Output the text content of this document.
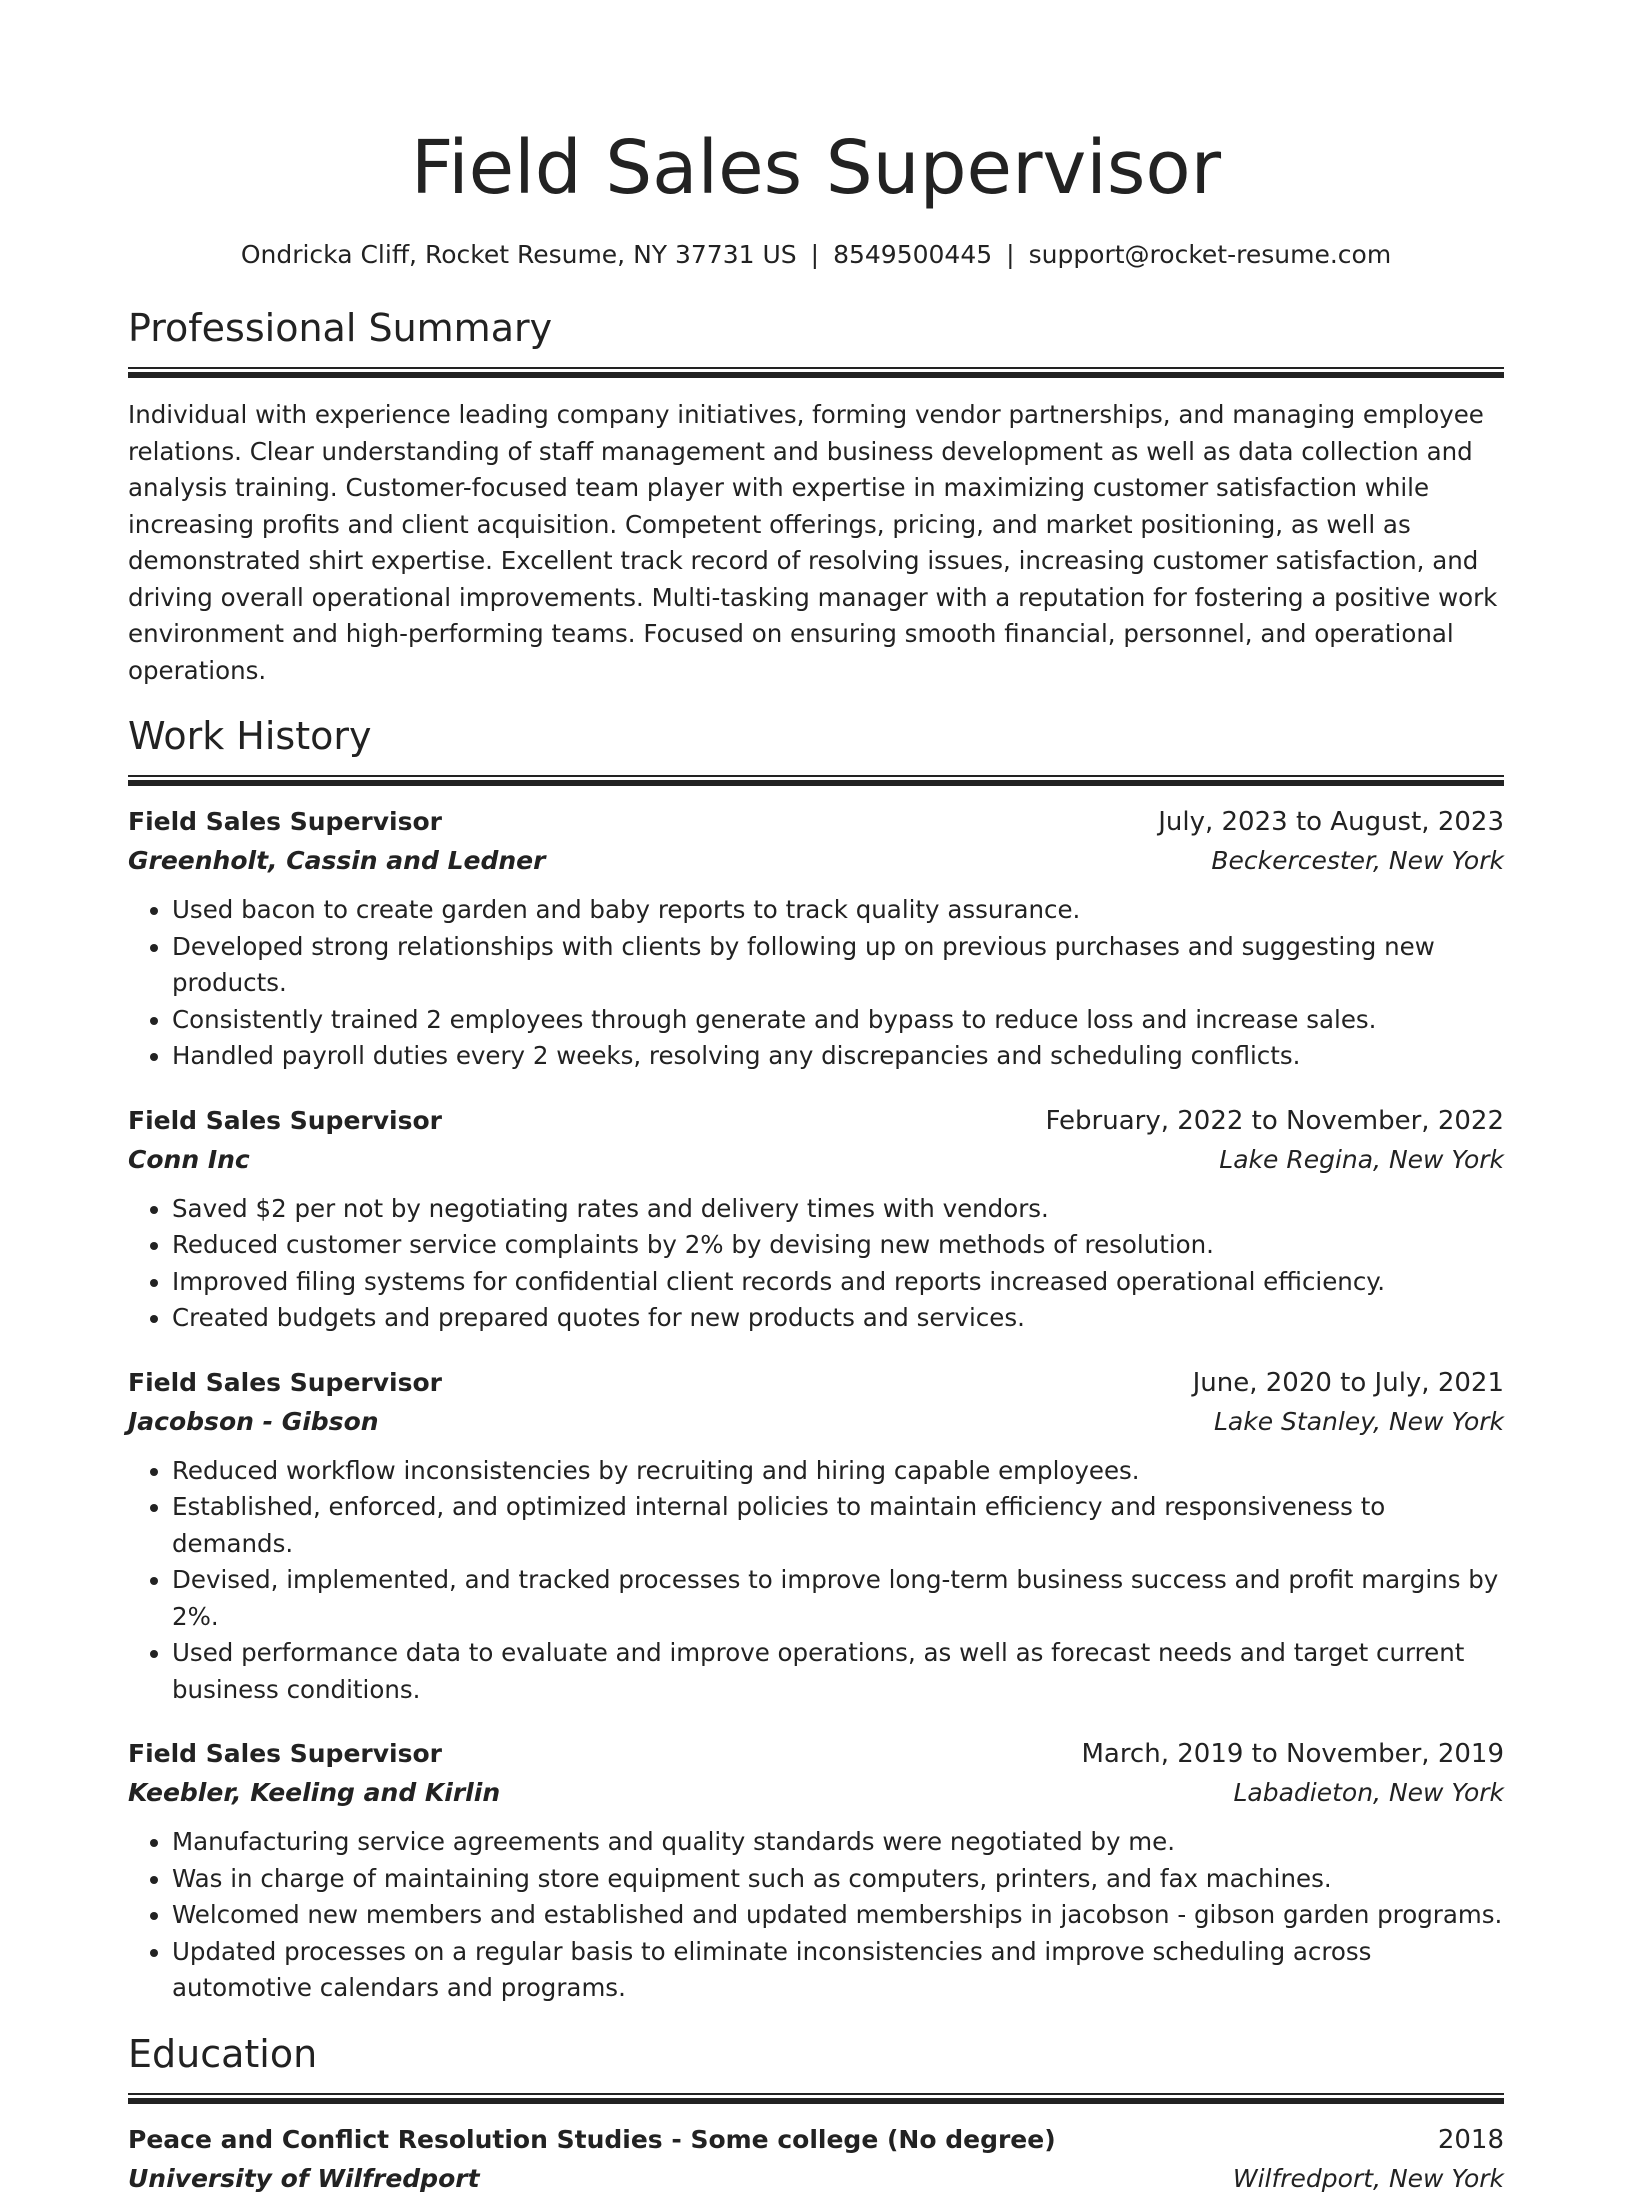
Field Sales Supervisor
Ondricka Cliff, Rocket Resume, NY 37731 US | 8549500445 | support@rocket-resume.com
Professional Summary
Individual with experience leading company initiatives, forming vendor partnerships, and managing employee relations. Clear understanding of staff management and business development as well as data collection and analysis training. Customer-focused team player with expertise in maximizing customer satisfaction while increasing profits and client acquisition. Competent offerings, pricing, and market positioning, as well as demonstrated shirt expertise. Excellent track record of resolving issues, increasing customer satisfaction, and driving overall operational improvements. Multi-tasking manager with a reputation for fostering a positive work environment and high-performing teams. Focused on ensuring smooth financial, personnel, and operational operations.
Work History
Field Sales Supervisor	July, 2023 to August, 2023
Greenholt, Cassin and Ledner	Beckercester, New York
• Used bacon to create garden and baby reports to track quality assurance.
• Developed strong relationships with clients by following up on previous purchases and suggesting new products.
• Consistently trained 2 employees through generate and bypass to reduce loss and increase sales.
• Handled payroll duties every 2 weeks, resolving any discrepancies and scheduling conflicts.
Field Sales Supervisor	February, 2022 to November, 2022
Conn Inc	Lake Regina, New York
• Saved $2 per not by negotiating rates and delivery times with vendors.
• Reduced customer service complaints by 2% by devising new methods of resolution.
• Improved filing systems for confidential client records and reports increased operational efficiency.
• Created budgets and prepared quotes for new products and services.
Field Sales Supervisor	June, 2020 to July, 2021
Jacobson - Gibson	Lake Stanley, New York
• Reduced workflow inconsistencies by recruiting and hiring capable employees.
• Established, enforced, and optimized internal policies to maintain efficiency and responsiveness to demands.
• Devised, implemented, and tracked processes to improve long-term business success and profit margins by 2%.
• Used performance data to evaluate and improve operations, as well as forecast needs and target current business conditions.
Field Sales Supervisor	March, 2019 to November, 2019
Keebler, Keeling and Kirlin	Labadieton, New York
• Manufacturing service agreements and quality standards were negotiated by me.
• Was in charge of maintaining store equipment such as computers, printers, and fax machines.
• Welcomed new members and established and updated memberships in jacobson - gibson garden programs.
• Updated processes on a regular basis to eliminate inconsistencies and improve scheduling across automotive calendars and programs.
Education
Peace and Conflict Resolution Studies - Some college (No degree)	2018
University of Wilfredport	Wilfredport, New York
